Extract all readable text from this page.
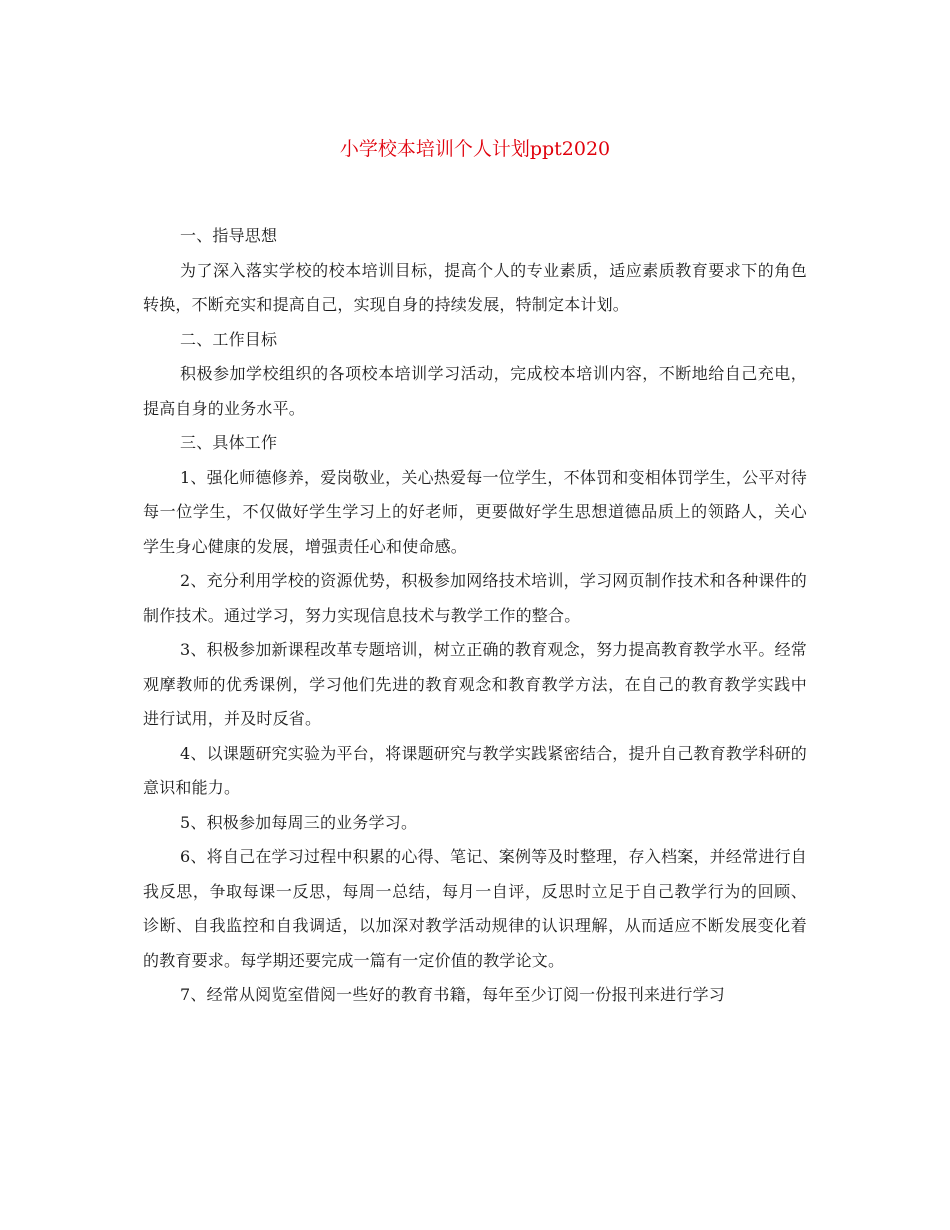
小学校本培训个人计划ppt2020

一、指导思想

为了深入落实学校的校本培训目标，提高个人的专业素质，适应素质教育要求下的角色转换，不断充实和提高自己，实现自身的持续发展，特制定本计划。

二、工作目标

积极参加学校组织的各项校本培训学习活动，完成校本培训内容，不断地给自己充电，提高自身的业务水平。

三、具体工作

1、强化师德修养，爱岗敬业，关心热爱每一位学生，不体罚和变相体罚学生，公平对待每一位学生，不仅做好学生学习上的好老师，更要做好学生思想道德品质上的领路人，关心学生身心健康的发展，增强责任心和使命感。

2、充分利用学校的资源优势，积极参加网络技术培训，学习网页制作技术和各种课件的制作技术。通过学习，努力实现信息技术与教学工作的整合。

3、积极参加新课程改革专题培训，树立正确的教育观念，努力提高教育教学水平。经常观摩教师的优秀课例，学习他们先进的教育观念和教育教学方法，在自己的教育教学实践中进行试用，并及时反省。

4、以课题研究实验为平台，将课题研究与教学实践紧密结合，提升自己教育教学科研的意识和能力。

5、积极参加每周三的业务学习。

6、将自己在学习过程中积累的心得、笔记、案例等及时整理，存入档案，并经常进行自我反思，争取每课一反思，每周一总结，每月一自评，反思时立足于自己教学行为的回顾、诊断、自我监控和自我调适，以加深对教学活动规律的认识理解，从而适应不断发展变化着的教育要求。每学期还要完成一篇有一定价值的教学论文。

7、经常从阅览室借阅一些好的教育书籍，每年至少订阅一份报刊来进行学习
